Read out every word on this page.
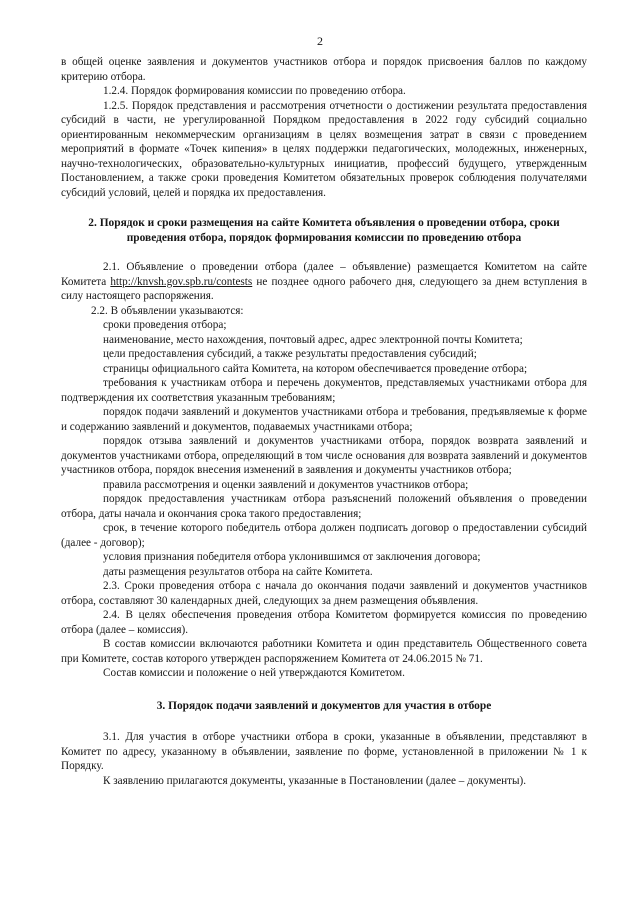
2

в общей оценке заявления и документов участников отбора и порядок присвоения баллов по каждому критерию отбора.

1.2.4. Порядок формирования комиссии по проведению отбора.

1.2.5. Порядок представления и рассмотрения отчетности о достижении результата предоставления субсидий в части, не урегулированной Порядком предоставления в 2022 году субсидий социально ориентированным некоммерческим организациям в целях возмещения затрат в связи с проведением мероприятий в формате «Точек кипения» в целях поддержки педагогических, молодежных, инженерных, научно-технологических, образовательно-культурных инициатив, профессий будущего, утвержденным Постановлением, а также сроки проведения Комитетом обязательных проверок соблюдения получателями субсидий условий, целей и порядка их предоставления.

2. Порядок и сроки размещения на сайте Комитета объявления о проведении отбора, сроки проведения отбора, порядок формирования комиссии по проведению отбора

2.1. Объявление о проведении отбора (далее – объявление) размещается Комитетом на сайте Комитета http://knvsh.gov.spb.ru/contests не позднее одного рабочего дня, следующего за днем вступления в силу настоящего распоряжения.

2.2. В объявлении указываются:

сроки проведения отбора;

наименование, место нахождения, почтовый адрес, адрес электронной почты Комитета;

цели предоставления субсидий, а также результаты предоставления субсидий;

страницы официального сайта Комитета, на котором обеспечивается проведение отбора;

требования к участникам отбора и перечень документов, представляемых участниками отбора для подтверждения их соответствия указанным требованиям;

порядок подачи заявлений и документов участниками отбора и требования, предъявляемые к форме и содержанию заявлений и документов, подаваемых участниками отбора;

порядок отзыва заявлений и документов участниками отбора, порядок возврата заявлений и документов участниками отбора, определяющий в том числе основания для возврата заявлений и документов участников отбора, порядок внесения изменений в заявления и документы участников отбора;

правила рассмотрения и оценки заявлений и документов участников отбора;

порядок предоставления участникам отбора разъяснений положений объявления о проведении отбора, даты начала и окончания срока такого предоставления;

срок, в течение которого победитель отбора должен подписать договор о предоставлении субсидий (далее - договор);

условия признания победителя отбора уклонившимся от заключения договора;

даты размещения результатов отбора на сайте Комитета.

2.3. Сроки проведения отбора с начала до окончания подачи заявлений и документов участников отбора, составляют 30 календарных дней, следующих за днем размещения объявления.

2.4. В целях обеспечения проведения отбора Комитетом формируется комиссия по проведению отбора (далее – комиссия).

В состав комиссии включаются работники Комитета и один представитель Общественного совета при Комитете, состав которого утвержден распоряжением Комитета от 24.06.2015 № 71.

Состав комиссии и положение о ней утверждаются Комитетом.

3. Порядок подачи заявлений и документов для участия в отборе

3.1. Для участия в отборе участники отбора в сроки, указанные в объявлении, представляют в Комитет по адресу, указанному в объявлении, заявление по форме, установленной в приложении № 1 к Порядку.

К заявлению прилагаются документы, указанные в Постановлении (далее – документы).
